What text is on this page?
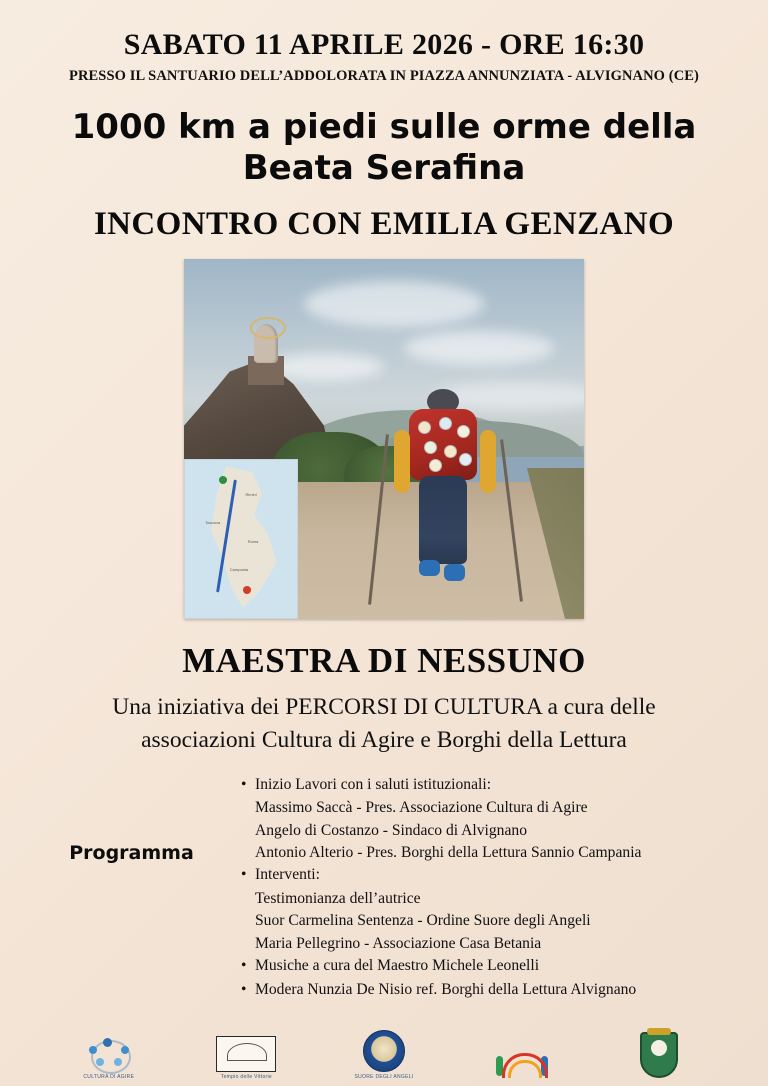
SABATO 11 APRILE 2026 - ORE 16:30
PRESSO IL SANTUARIO DELL’ADDOLORATA IN PIAZZA ANNUNZIATA - ALVIGNANO (CE)
1000 km a piedi sulle orme della
Beata Serafina
INCONTRO CON EMILIA GENZANO
Rimini
Toscana
Roma
Campania
MAESTRA DI NESSUNO
Una iniziativa dei PERCORSI DI CULTURA a cura delle
associazioni Cultura di Agire e Borghi della Lettura
Programma
• Inizio Lavori con i saluti istituzionali:
Massimo Saccà - Pres. Associazione Cultura di Agire
Angelo di Costanzo - Sindaco di Alvignano
Antonio Alterio - Pres. Borghi della Lettura Sannio Campania
• Interventi:
Testimonianza dell’autrice
Suor Carmelina Sentenza - Ordine Suore degli Angeli
Maria Pellegrino - Associazione Casa Betania
• Musiche a cura del Maestro Michele Leonelli
• Modera Nunzia De Nisio ref. Borghi della Lettura Alvignano
CULTURA DI AGIRE	Tempio delle Vittorie	SUORE DEGLI ANGELI
